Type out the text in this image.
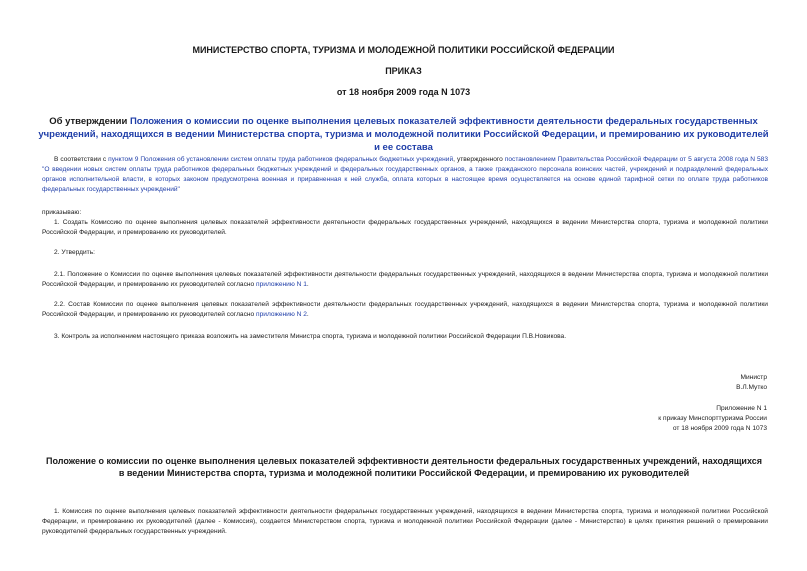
МИНИСТЕРСТВО СПОРТА, ТУРИЗМА И МОЛОДЕЖНОЙ ПОЛИТИКИ РОССИЙСКОЙ ФЕДЕРАЦИИ
ПРИКАЗ
от 18 ноября 2009 года N 1073
Об утверждении Положения о комиссии по оценке выполнения целевых показателей эффективности деятельности федеральных государственных учреждений, находящихся в ведении Министерства спорта, туризма и молодежной политики Российской Федерации, и премированию их руководителей и ее состава
В соответствии с пунктом 9 Положения об установлении систем оплаты труда работников федеральных бюджетных учреждений, утвержденного постановлением Правительства Российской Федерации от 5 августа 2008 года N 583 "О введении новых систем оплаты труда работников федеральных бюджетных учреждений и федеральных государственных органов, а также гражданского персонала воинских частей, учреждений и подразделений федеральных органов исполнительной власти, в которых законом предусмотрена военная и приравненная к ней служба, оплата которых в настоящее время осуществляется на основе единой тарифной сетки по оплате труда работников федеральных государственных учреждений"
приказываю:
1. Создать Комиссию по оценке выполнения целевых показателей эффективности деятельности федеральных государственных учреждений, находящихся в ведении Министерства спорта, туризма и молодежной политики Российской Федерации, и премированию их руководителей.
2. Утвердить:
2.1. Положение о Комиссии по оценке выполнения целевых показателей эффективности деятельности федеральных государственных учреждений, находящихся в ведении Министерства спорта, туризма и молодежной политики Российской Федерации, и премированию их руководителей согласно приложению N 1.
2.2. Состав Комиссии по оценке выполнения целевых показателей эффективности деятельности федеральных государственных учреждений, находящихся в ведении Министерства спорта, туризма и молодежной политики Российской Федерации, и премированию их руководителей согласно приложению N 2.
3. Контроль за исполнением настоящего приказа возложить на заместителя Министра спорта, туризма и молодежной политики Российской Федерации П.В.Новикова.
Министр
В.Л.Мутко
Приложение N 1
к приказу Минспорттуризма России
от 18 ноября 2009 года N 1073
Положение о комиссии по оценке выполнения целевых показателей эффективности деятельности федеральных государственных учреждений, находящихся в ведении Министерства спорта, туризма и молодежной политики Российской Федерации, и премированию их руководителей
1. Комиссия по оценке выполнения целевых показателей эффективности деятельности федеральных государственных учреждений, находящихся в ведении Министерства спорта, туризма и молодежной политики Российской Федерации, и премированию их руководителей (далее - Комиссия), создается Министерством спорта, туризма и молодежной политики Российской Федерации (далее - Министерство) в целях принятия решений о премировании руководителей федеральных государственных учреждений.
